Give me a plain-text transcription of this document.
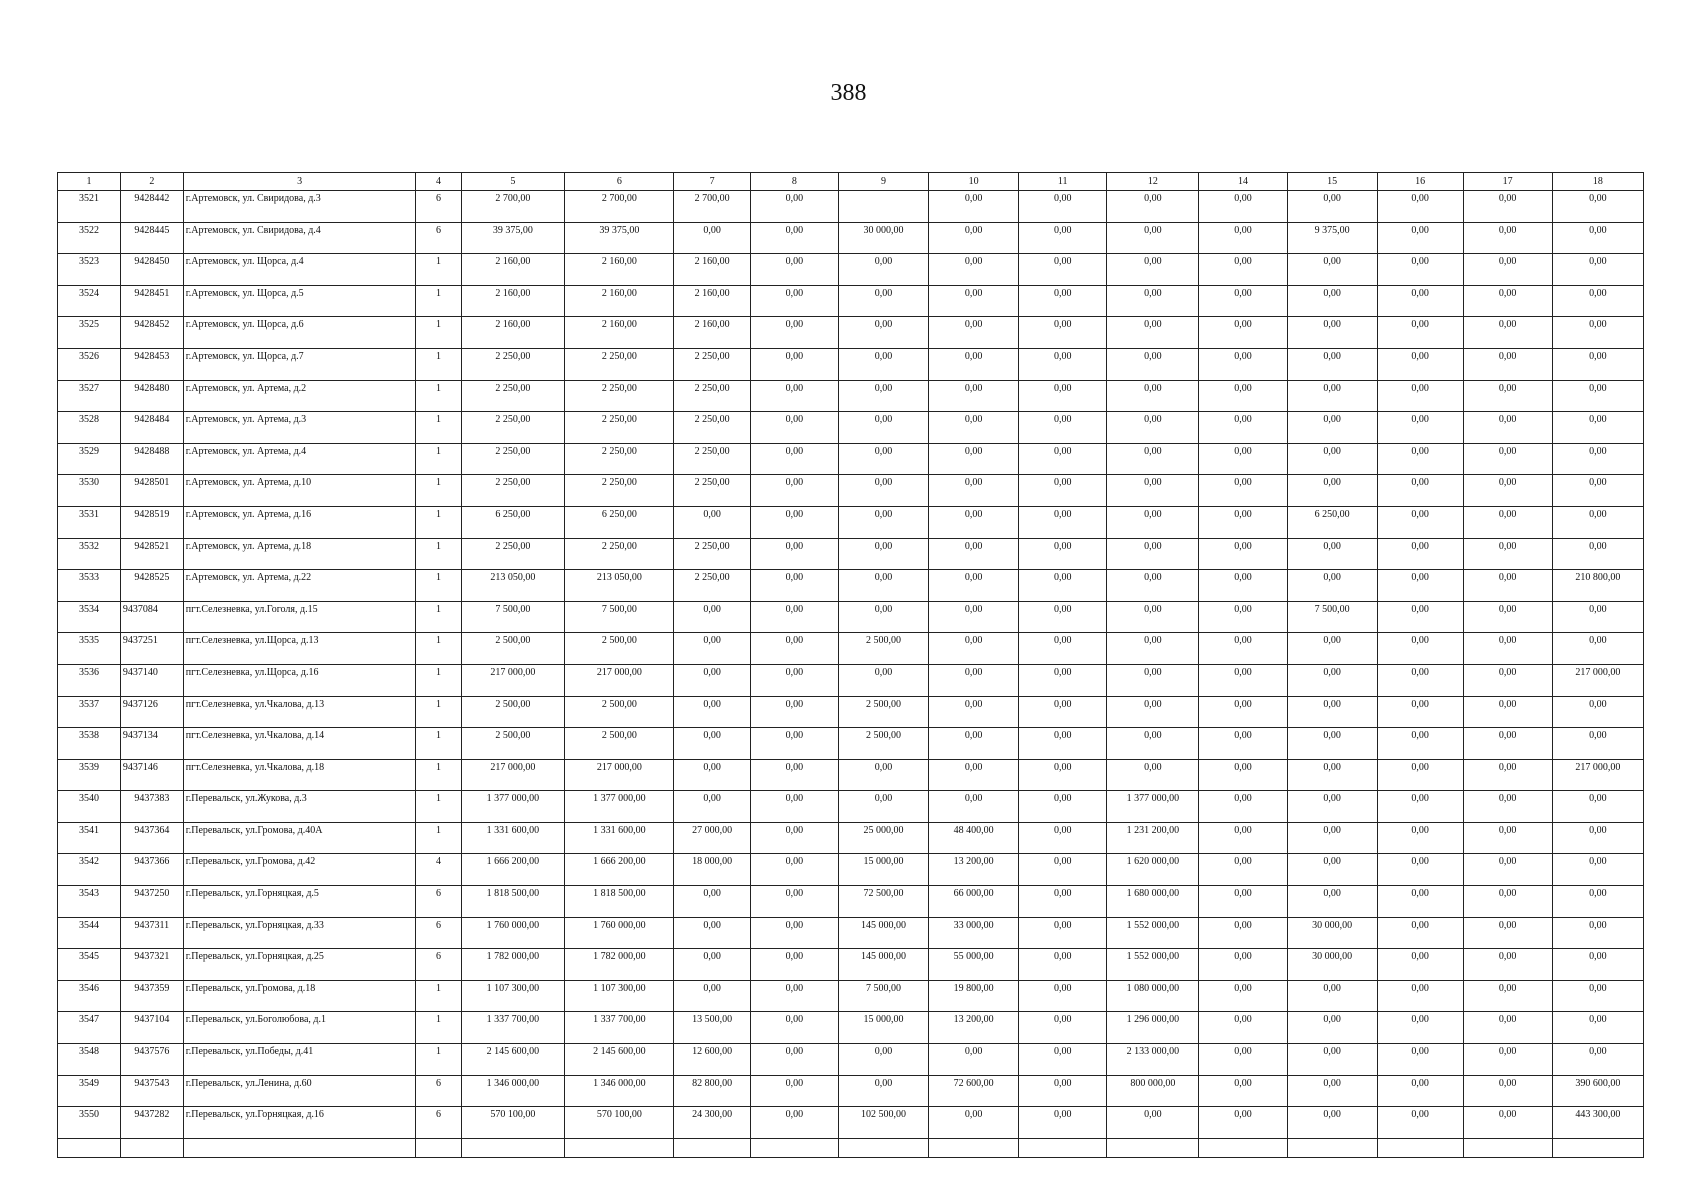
388
1	2	3	4	5	6	7	8	9	10	11	12	14	15	16	17	18
3521	9428442	г.Артемовск, ул. Свиридова, д.3	6	2 700,00	2 700,00	2 700,00	0,00		0,00	0,00	0,00	0,00	0,00	0,00	0,00	0,00
3522	9428445	г.Артемовск, ул. Свиридова, д.4	6	39 375,00	39 375,00	0,00	0,00	30 000,00	0,00	0,00	0,00	0,00	9 375,00	0,00	0,00	0,00
3523	9428450	г.Артемовск, ул. Щорса, д.4	1	2 160,00	2 160,00	2 160,00	0,00	0,00	0,00	0,00	0,00	0,00	0,00	0,00	0,00	0,00
3524	9428451	г.Артемовск, ул. Щорса, д.5	1	2 160,00	2 160,00	2 160,00	0,00	0,00	0,00	0,00	0,00	0,00	0,00	0,00	0,00	0,00
3525	9428452	г.Артемовск, ул. Щорса, д.6	1	2 160,00	2 160,00	2 160,00	0,00	0,00	0,00	0,00	0,00	0,00	0,00	0,00	0,00	0,00
3526	9428453	г.Артемовск, ул. Щорса, д.7	1	2 250,00	2 250,00	2 250,00	0,00	0,00	0,00	0,00	0,00	0,00	0,00	0,00	0,00	0,00
3527	9428480	г.Артемовск, ул. Артема, д.2	1	2 250,00	2 250,00	2 250,00	0,00	0,00	0,00	0,00	0,00	0,00	0,00	0,00	0,00	0,00
3528	9428484	г.Артемовск, ул. Артема, д.3	1	2 250,00	2 250,00	2 250,00	0,00	0,00	0,00	0,00	0,00	0,00	0,00	0,00	0,00	0,00
3529	9428488	г.Артемовск, ул. Артема, д.4	1	2 250,00	2 250,00	2 250,00	0,00	0,00	0,00	0,00	0,00	0,00	0,00	0,00	0,00	0,00
3530	9428501	г.Артемовск, ул. Артема, д.10	1	2 250,00	2 250,00	2 250,00	0,00	0,00	0,00	0,00	0,00	0,00	0,00	0,00	0,00	0,00
3531	9428519	г.Артемовск, ул. Артема, д.16	1	6 250,00	6 250,00	0,00	0,00	0,00	0,00	0,00	0,00	0,00	6 250,00	0,00	0,00	0,00
3532	9428521	г.Артемовск, ул. Артема, д.18	1	2 250,00	2 250,00	2 250,00	0,00	0,00	0,00	0,00	0,00	0,00	0,00	0,00	0,00	0,00
3533	9428525	г.Артемовск, ул. Артема, д.22	1	213 050,00	213 050,00	2 250,00	0,00	0,00	0,00	0,00	0,00	0,00	0,00	0,00	0,00	210 800,00
3534	9437084	пгт.Селезневка, ул.Гоголя, д.15	1	7 500,00	7 500,00	0,00	0,00	0,00	0,00	0,00	0,00	0,00	7 500,00	0,00	0,00	0,00
3535	9437251	пгт.Селезневка, ул.Щорса, д.13	1	2 500,00	2 500,00	0,00	0,00	2 500,00	0,00	0,00	0,00	0,00	0,00	0,00	0,00	0,00
3536	9437140	пгт.Селезневка, ул.Щорса, д.16	1	217 000,00	217 000,00	0,00	0,00	0,00	0,00	0,00	0,00	0,00	0,00	0,00	0,00	217 000,00
3537	9437126	пгт.Селезневка, ул.Чкалова, д.13	1	2 500,00	2 500,00	0,00	0,00	2 500,00	0,00	0,00	0,00	0,00	0,00	0,00	0,00	0,00
3538	9437134	пгт.Селезневка, ул.Чкалова, д.14	1	2 500,00	2 500,00	0,00	0,00	2 500,00	0,00	0,00	0,00	0,00	0,00	0,00	0,00	0,00
3539	9437146	пгт.Селезневка, ул.Чкалова, д.18	1	217 000,00	217 000,00	0,00	0,00	0,00	0,00	0,00	0,00	0,00	0,00	0,00	0,00	217 000,00
3540	9437383	г.Перевальск, ул.Жукова, д.3	1	1 377 000,00	1 377 000,00	0,00	0,00	0,00	0,00	0,00	1 377 000,00	0,00	0,00	0,00	0,00	0,00
3541	9437364	г.Перевальск, ул.Громова, д.40А	1	1 331 600,00	1 331 600,00	27 000,00	0,00	25 000,00	48 400,00	0,00	1 231 200,00	0,00	0,00	0,00	0,00	0,00
3542	9437366	г.Перевальск, ул.Громова, д.42	4	1 666 200,00	1 666 200,00	18 000,00	0,00	15 000,00	13 200,00	0,00	1 620 000,00	0,00	0,00	0,00	0,00	0,00
3543	9437250	г.Перевальск, ул.Горняцкая, д.5	6	1 818 500,00	1 818 500,00	0,00	0,00	72 500,00	66 000,00	0,00	1 680 000,00	0,00	0,00	0,00	0,00	0,00
3544	9437311	г.Перевальск, ул.Горняцкая, д.33	6	1 760 000,00	1 760 000,00	0,00	0,00	145 000,00	33 000,00	0,00	1 552 000,00	0,00	30 000,00	0,00	0,00	0,00
3545	9437321	г.Перевальск, ул.Горняцкая, д.25	6	1 782 000,00	1 782 000,00	0,00	0,00	145 000,00	55 000,00	0,00	1 552 000,00	0,00	30 000,00	0,00	0,00	0,00
3546	9437359	г.Перевальск, ул.Громова, д.18	1	1 107 300,00	1 107 300,00	0,00	0,00	7 500,00	19 800,00	0,00	1 080 000,00	0,00	0,00	0,00	0,00	0,00
3547	9437104	г.Перевальск, ул.Боголюбова, д.1	1	1 337 700,00	1 337 700,00	13 500,00	0,00	15 000,00	13 200,00	0,00	1 296 000,00	0,00	0,00	0,00	0,00	0,00
3548	9437576	г.Перевальск, ул.Победы, д.41	1	2 145 600,00	2 145 600,00	12 600,00	0,00	0,00	0,00	0,00	2 133 000,00	0,00	0,00	0,00	0,00	0,00
3549	9437543	г.Перевальск, ул.Ленина, д.60	6	1 346 000,00	1 346 000,00	82 800,00	0,00	0,00	72 600,00	0,00	800 000,00	0,00	0,00	0,00	0,00	390 600,00
3550	9437282	г.Перевальск, ул.Горняцкая, д.16	6	570 100,00	570 100,00	24 300,00	0,00	102 500,00	0,00	0,00	0,00	0,00	0,00	0,00	0,00	443 300,00
